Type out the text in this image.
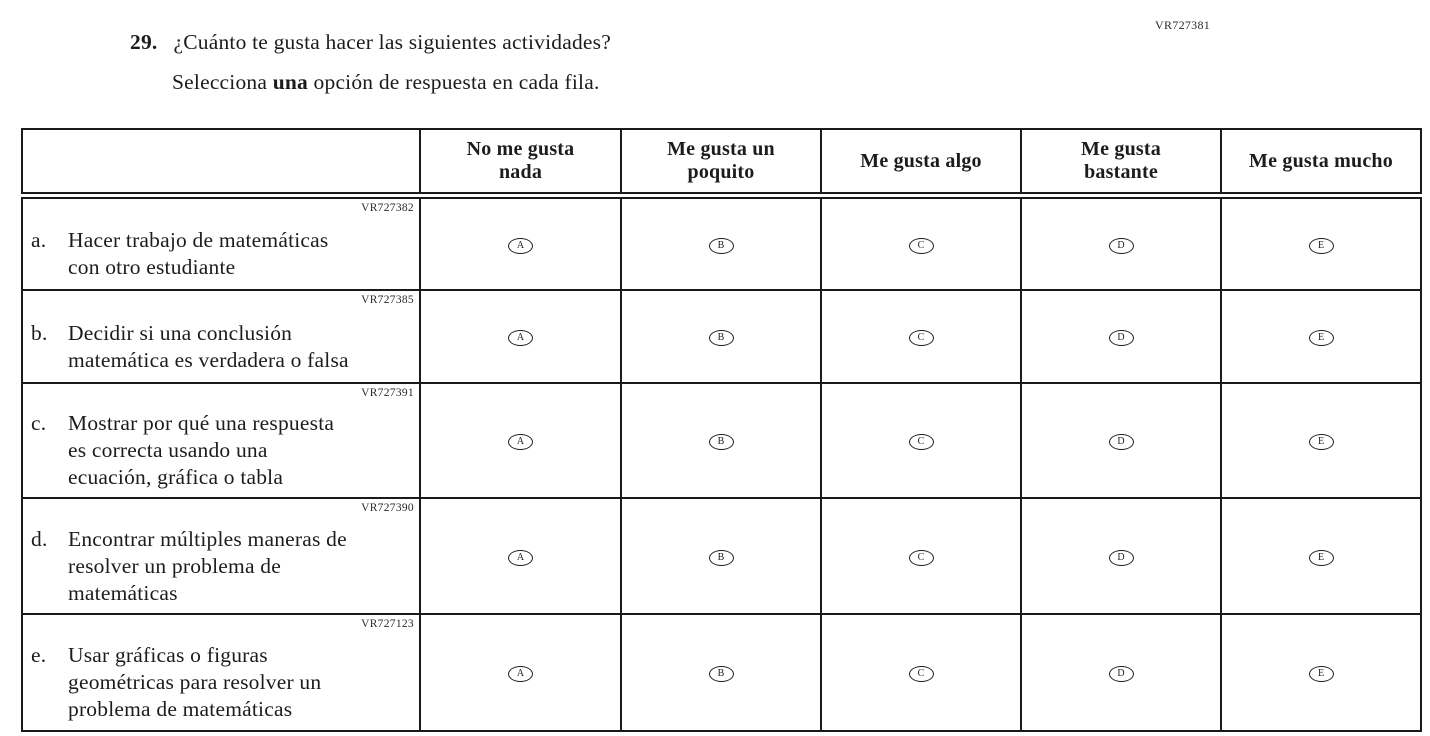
VR727381
29. ¿Cuánto te gusta hacer las siguientes actividades?
Selecciona una opción de respuesta en cada fila.

	No me gusta
nada	Me gusta un
poquito	Me gusta algo	Me gusta
bastante	Me gusta mucho

VR727382
a. Hacer trabajo de matemáticas
con otro estudiante	A	B	C	D	E

VR727385
b. Decidir si una conclusión
matemática es verdadera o falsa	A	B	C	D	E

VR727391
c. Mostrar por qué una respuesta
es correcta usando una
ecuación, gráfica o tabla	A	B	C	D	E

VR727390
d. Encontrar múltiples maneras de
resolver un problema de
matemáticas	A	B	C	D	E

VR727123
e. Usar gráficas o figuras
geométricas para resolver un
problema de matemáticas	A	B	C	D	E
